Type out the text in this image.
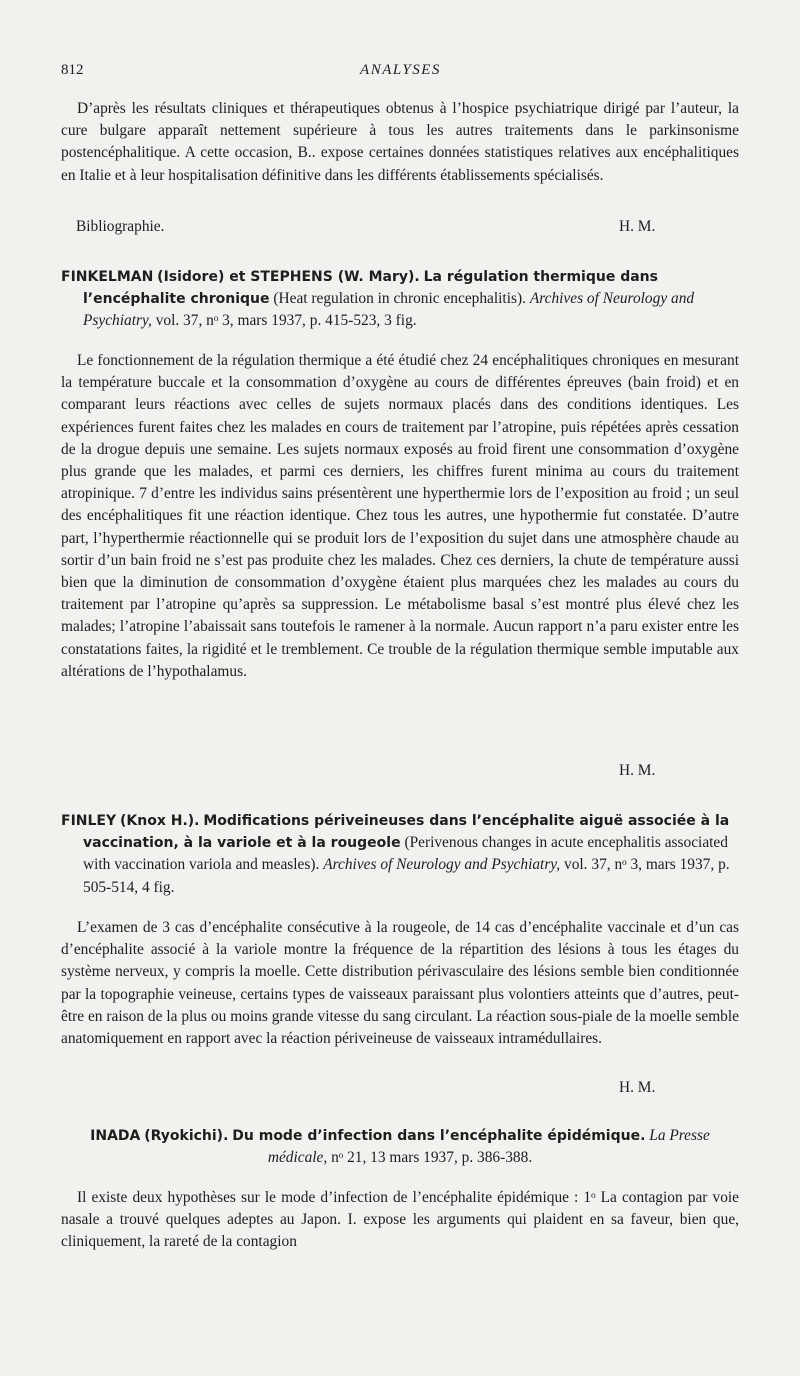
ANALYSES
812

D’après les résultats cliniques et thérapeutiques obtenus à l’hospice psychiatrique dirigé par l’auteur, la cure bulgare apparaît nettement supérieure à tous les autres traitements dans le parkinsonisme postencéphalitique. A cette occasion, B.. expose certaines données statistiques relatives aux encéphalitiques en Italie et à leur hospitalisation définitive dans les différents établissements spécialisés.

Bibliographie.	H. M.
FINKELMAN (Isidore) et STEPHENS (W. Mary). La régulation thermique dans l’encéphalite chronique (Heat regulation in chronic encephalitis). Archives of Neurology and Psychiatry, vol. 37, nᵒ 3, mars 1937, p. 415-523, 3 fig.

Le fonctionnement de la régulation thermique a été étudié chez 24 encéphalitiques chroniques en mesurant la température buccale et la consommation d’oxygène au cours de différentes épreuves (bain froid) et en comparant leurs réactions avec celles de sujets normaux placés dans des conditions identiques. Les expériences furent faites chez les malades en cours de traitement par l’atropine, puis répétées après cessation de la drogue depuis une semaine. Les sujets normaux exposés au froid firent une consommation d’oxygène plus grande que les malades, et parmi ces derniers, les chiffres furent minima au cours du traitement atropinique. 7 d’entre les individus sains présentèrent une hyperthermie lors de l’exposition au froid ; un seul des encéphalitiques fit une réaction identique. Chez tous les autres, une hypothermie fut constatée. D’autre part, l’hyperthermie réactionnelle qui se produit lors de l’exposition du sujet dans une atmosphère chaude au sortir d’un bain froid ne s’est pas produite chez les malades. Chez ces derniers, la chute de température aussi bien que la diminution de consommation d’oxygène étaient plus marquées chez les malades au cours du traitement par l’atropine qu’après sa suppression. Le métabolisme basal s’est montré plus élevé chez les malades; l’atropine l’abaissait sans toutefois le ramener à la normale. Aucun rapport n’a paru exister entre les constatations faites, la rigidité et le tremblement. Ce trouble de la régulation thermique semble imputable aux altérations de l’hypothalamus.

H. M.
FINLEY (Knox H.). Modifications périveineuses dans l’encéphalite aiguë associée à la vaccination, à la variole et à la rougeole (Perivenous changes in acute encephalitis associated with vaccination variola and measles). Archives of Neurology and Psychiatry, vol. 37, nᵒ 3, mars 1937, p. 505-514, 4 fig.

L’examen de 3 cas d’encéphalite consécutive à la rougeole, de 14 cas d’encéphalite vaccinale et d’un cas d’encéphalite associé à la variole montre la fréquence de la répartition des lésions à tous les étages du système nerveux, y compris la moelle. Cette distribution périvasculaire des lésions semble bien conditionnée par la topographie veineuse, certains types de vaisseaux paraissant plus volontiers atteints que d’autres, peut-être en raison de la plus ou moins grande vitesse du sang circulant. La réaction sous-piale de la moelle semble anatomiquement en rapport avec la réaction périveineuse de vaisseaux intramédullaires.

H. M.
INADA (Ryokichi). Du mode d’infection dans l’encéphalite épidémique. La Presse médicale, nᵒ 21, 13 mars 1937, p. 386-388.

Il existe deux hypothèses sur le mode d’infection de l’encéphalite épidémique : 1ᵒ La contagion par voie nasale a trouvé quelques adeptes au Japon. I. expose les arguments qui plaident en sa faveur, bien que, cliniquement, la rareté de la contagion
